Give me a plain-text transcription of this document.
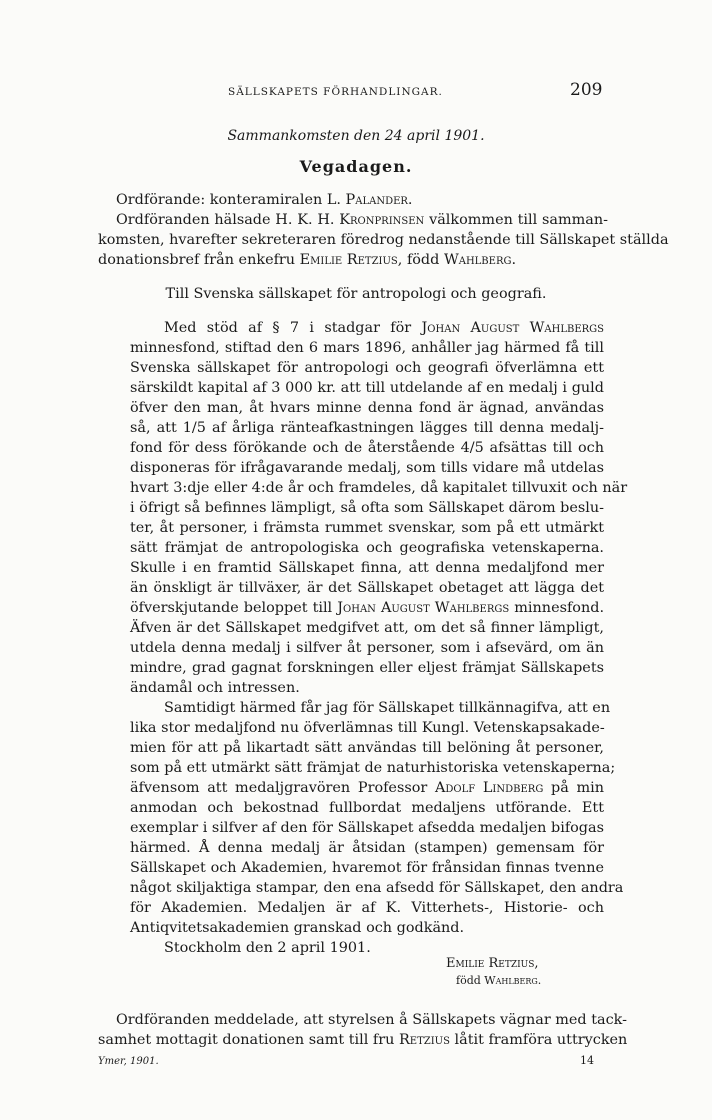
SÄLLSKAPETS FÖRHANDLINGAR.	209
Sammankomsten den 24 april 1901.
Vegadagen.
Ordförande: konteramiralen L. Palander.
Ordföranden hälsade H. K. H. Kronprinsen välkommen till samman-
komsten, hvarefter sekreteraren föredrog nedanstående till Sällskapet ställda
donationsbref från enkefru Emilie Retzius, född Wahlberg.
Till Svenska sällskapet för antropologi och geografi.
Med stöd af § 7 i stadgar för Johan August Wahlbergs
minnesfond, stiftad den 6 mars 1896, anhåller jag härmed få till
Svenska sällskapet för antropologi och geografi öfverlämna ett
särskildt kapital af 3 000 kr. att till utdelande af en medalj i guld
öfver den man, åt hvars minne denna fond är ägnad, användas
så, att 1/5 af årliga ränteafkastningen lägges till denna medalj-
fond för dess förökande och de återstående 4/5 afsättas till och
disponeras för ifrågavarande medalj, som tills vidare må utdelas
hvart 3:dje eller 4:de år och framdeles, då kapitalet tillvuxit och när
i öfrigt så befinnes lämpligt, så ofta som Sällskapet därom beslu-
ter, åt personer, i främsta rummet svenskar, som på ett utmärkt
sätt främjat de antropologiska och geografiska vetenskaperna.
Skulle i en framtid Sällskapet finna, att denna medaljfond mer
än önskligt är tillväxer, är det Sällskapet obetaget att lägga det
öfverskjutande beloppet till Johan August Wahlbergs minnesfond.
Äfven är det Sällskapet medgifvet att, om det så finner lämpligt,
utdela denna medalj i silfver åt personer, som i afsevärd, om än
mindre, grad gagnat forskningen eller eljest främjat Sällskapets
ändamål och intressen.
Samtidigt härmed får jag för Sällskapet tillkännagifva, att en
lika stor medaljfond nu öfverlämnas till Kungl. Vetenskapsakade-
mien för att på likartadt sätt användas till belöning åt personer,
som på ett utmärkt sätt främjat de naturhistoriska vetenskaperna;
äfvensom att medaljgravören Professor Adolf Lindberg på min
anmodan och bekostnad fullbordat medaljens utförande. Ett
exemplar i silfver af den för Sällskapet afsedda medaljen bifogas
härmed. Å denna medalj är åtsidan (stampen) gemensam för
Sällskapet och Akademien, hvaremot för frånsidan finnas tvenne
något skiljaktiga stampar, den ena afsedd för Sällskapet, den andra
för Akademien. Medaljen är af K. Vitterhets-, Historie- och
Antiqvitetsakademien granskad och godkänd.
Stockholm den 2 april 1901.
Emilie Retzius,
född Wahlberg.
Ordföranden meddelade, att styrelsen å Sällskapets vägnar med tack-
samhet mottagit donationen samt till fru Retzius låtit framföra uttrycken
Ymer, 1901.	14
